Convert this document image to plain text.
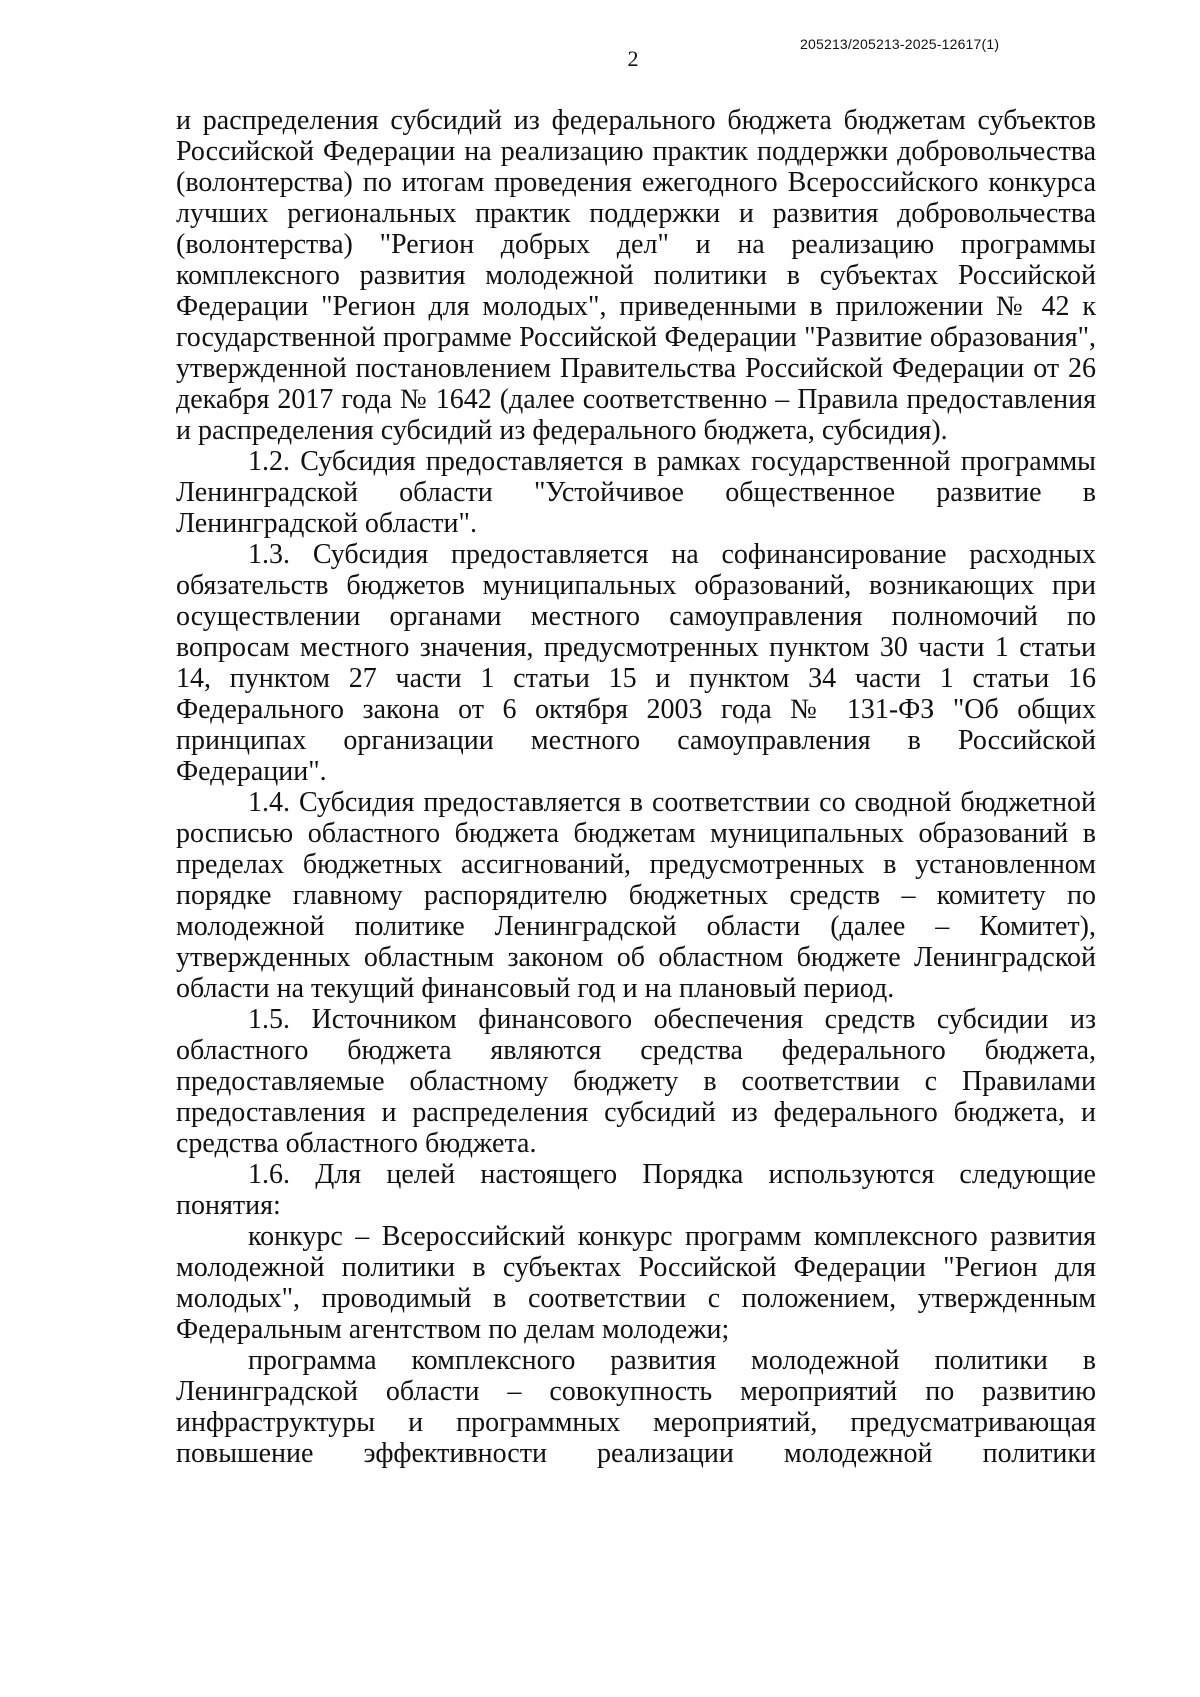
205213/205213-2025-12617(1)
2

и распределения субсидий из федерального бюджета бюджетам субъектов Российской Федерации на реализацию практик поддержки добровольчества (волонтерства) по итогам проведения ежегодного Всероссийского конкурса лучших региональных практик поддержки и развития добровольчества (волонтерства) "Регион добрых дел" и на реализацию программы комплексного развития молодежной политики в субъектах Российской Федерации "Регион для молодых", приведенными в приложении № 42 к государственной программе Российской Федерации "Развитие образования", утвержденной постановлением Правительства Российской Федерации от 26 декабря 2017 года № 1642 (далее соответственно – Правила предоставления и распределения субсидий из федерального бюджета, субсидия).

1.2. Субсидия предоставляется в рамках государственной программы Ленинградской области "Устойчивое общественное развитие в Ленинградской области".

1.3. Субсидия предоставляется на софинансирование расходных обязательств бюджетов муниципальных образований, возникающих при осуществлении органами местного самоуправления полномочий по вопросам местного значения, предусмотренных пунктом 30 части 1 статьи 14, пунктом 27 части 1 статьи 15 и пунктом 34 части 1 статьи 16 Федерального закона от 6 октября 2003 года № 131-ФЗ "Об общих принципах организации местного самоуправления в Российской Федерации".

1.4. Субсидия предоставляется в соответствии со сводной бюджетной росписью областного бюджета бюджетам муниципальных образований в пределах бюджетных ассигнований, предусмотренных в установленном порядке главному распорядителю бюджетных средств – комитету по молодежной политике Ленинградской области (далее – Комитет), утвержденных областным законом об областном бюджете Ленинградской области на текущий финансовый год и на плановый период.

1.5. Источником финансового обеспечения средств субсидии из областного бюджета являются средства федерального бюджета, предоставляемые областному бюджету в соответствии с Правилами предоставления и распределения субсидий из федерального бюджета, и средства областного бюджета.

1.6. Для целей настоящего Порядка используются следующие понятия:

конкурс – Всероссийский конкурс программ комплексного развития молодежной политики в субъектах Российской Федерации "Регион для молодых", проводимый в соответствии с положением, утвержденным Федеральным агентством по делам молодежи;

программа комплексного развития молодежной политики в Ленинградской области – совокупность мероприятий по развитию инфраструктуры и программных мероприятий, предусматривающая повышение эффективности реализации молодежной политики
